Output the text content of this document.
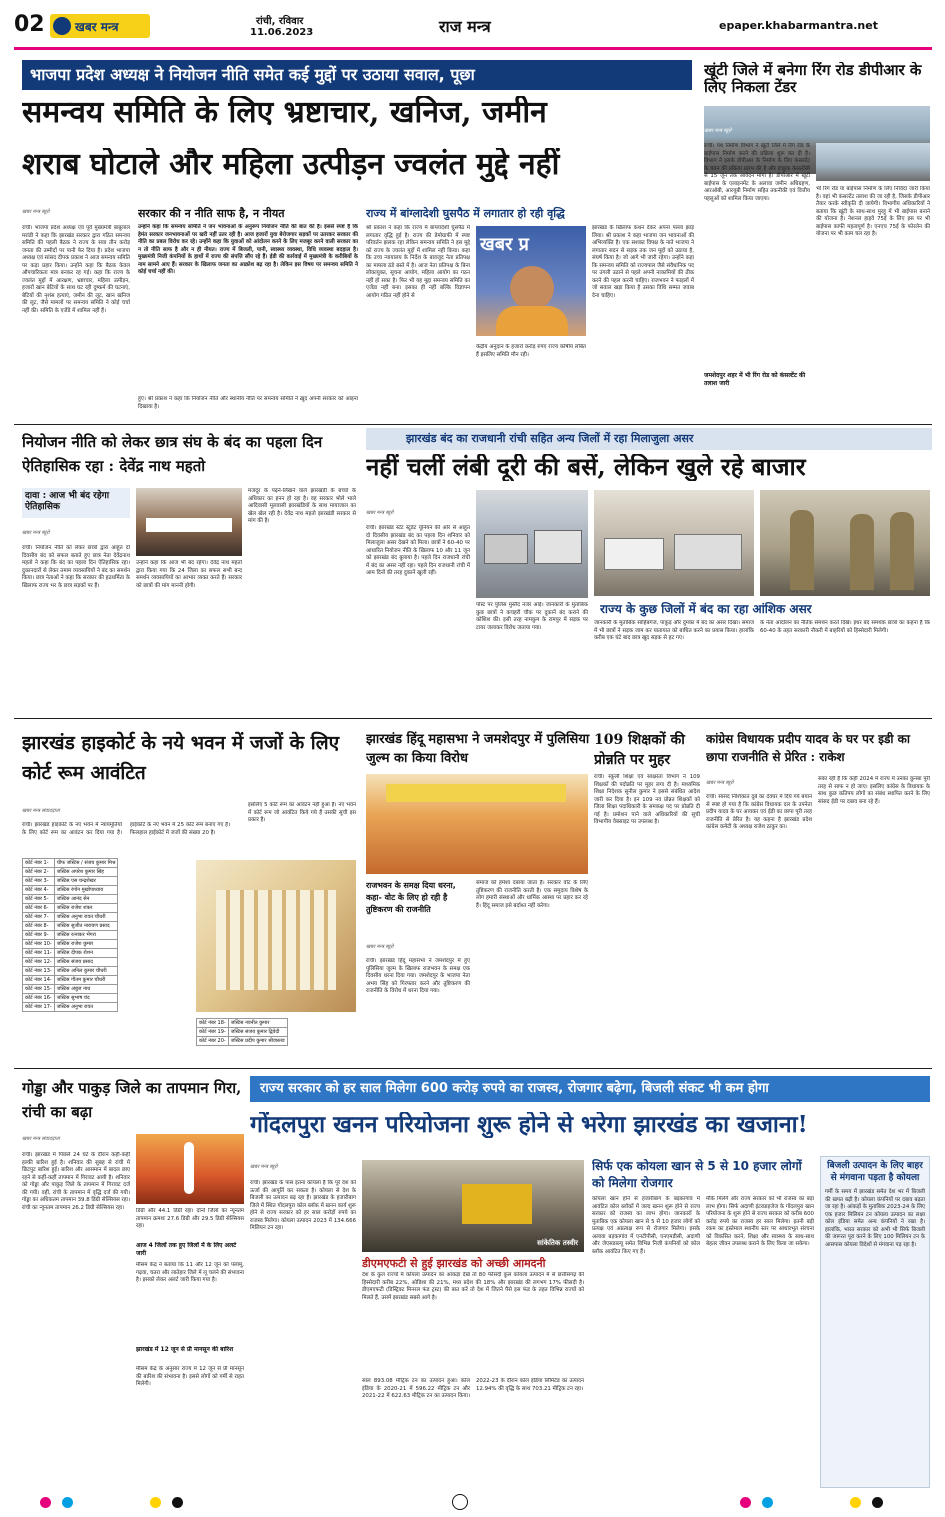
02	खबर मन्त्र	रांची, रविवार
11.06.2023	राज मन्त्र	epaper.khabarmantra.net
भाजपा प्रदेश अध्यक्ष ने नियोजन नीति समेत कई मुद्दों पर उठाया सवाल, पूछा
समन्वय समिति के लिए भ्रष्टाचार, खनिज, जमीन
शराब घोटाले और महिला उत्पीड़न ज्वलंत मुद्दे नहीं
खबर मन्त्र ब्यूरो
रांची। भाजपा प्रदेश अध्यक्ष एवं पूर्व मुख्यमंत्री बाबूलाल मरांडी ने कहा कि झारखंड सरकार द्वारा गठित समन्वय समिति की पहली बैठक ने राज्य के सवा तीन करोड़ जनता की उम्मीदों पर पानी फेर दिया है। प्रदेश भाजपा अध्यक्ष एवं सांसद दीपक प्रकाश ने आज समन्वय समिति पर कड़ा प्रहार किया। उन्होंने कहा कि बैठक केवल औपचारिकता मात्र बनकर रह गई। कहा कि राज्य के ज्वलंत मुद्दों में आरक्षण, भ्रष्टाचार, महिला उत्पीड़न, हजारों खान बेटियों के साथ घट रही दुष्कर्म की घटनाएं, बेटियों की नृशंस हत्याएं, जमीन की लूट, खान खनिज की लूट, जैसे मामलों पर समन्वय समिति ने कोई चर्चा नहीं की। समिति के एजेंडे में शामिल नहीं हैं।
सरकार की न नीति साफ है, न नीयत
उन्होंने कहा कि समन्वय समिति ने जन भावनाओं के अनुरूप नियोजन नीति की बात की है। इससे स्पष्ट है कि हेमंत सरकार जनभावनाओं पर खरी नहीं उतर रही है। आज हजारों युवा बेरोजगार सड़कों पर उतरकर सरकार की नीति का प्रबल विरोध कर रहे। उन्होंने कहा कि युवाओं को आंदोलन करने के लिए मजबूर करने वाली सरकार का न तो नीति साफ है और न ही नीयत। राज्य में बिजली, पानी, स्वास्थ्य व्यवस्था, विधि व्यवस्था बदहाल है। मुख्यमंत्री निजी कंपनियों के हाथों में राज्य की संपत्ति सौंप रहे हैं। ईडी की कार्रवाई में मुख्यमंत्री के करीबियों के नाम सामने आए हैं। सरकार के खिलाफ जनता का आक्रोश बढ़ रहा है। लेकिन इस विषय पर समन्वय समिति ने कोई चर्चा नहीं की।
हुए। श्री प्रकाश ने कहा कि नियोजन नीति और स्थानीय नीति पर समन्वय समिति ने ख़ुद अपनी सरकार को आइना दिखाया है।
राज्य में बांग्लादेशी घुसपैठ में लगातार हो रही वृद्धि
श्री प्रकाश ने कहा कि राज्य में बांग्लादेशी घुसपैठ में लगातार वृद्धि हुई है। राज्य की डेमोग्राफी में स्पष्ट परिवर्तन झलक रहा लेकिन समन्वय समिति ने इस मुद्दे को राज्य के ज्वलंत मुद्दों में शामिल नहीं किया। कहा कि उच्च न्यायालय के निर्देश के बावजूद नेता प्रतिपक्ष का मामला ठंडे बस्ते में है। आज नेता प्रतिपक्ष के बिना लोकायुक्त, सूचना आयोग, महिला आयोग का गठन नहीं हो सका है। फिर भी यह मुद्दा समन्वय समिति का एजेंडा नहीं बना। इसका ही नहीं बल्कि विज्ञापन आयोग गठित नहीं होने से
खबर प्र
केंद्रीय अनुदान के हजारों करोड़ रुपए राज्य कोषीय लंबित हैं इसलिए समिति मौन रही।
झारखंड के खिलाफ कथन देकर अपना पल्ला झाड़ लिया। श्री प्रकाश ने कहा भाजपा जन भावनाओं की अभिव्यक्ति है। एक सशक्त विपक्ष के नाते भाजपा ने लगातार सदन से सड़क तक जन मुद्दों को उठाया है, संघर्ष किया है। जो आगे भी जारी रहेगा। उन्होंने कहा कि समन्वय समिति को राज्यपाल जैसे संवैधानिक पद पर उंगली उठाने से पहले अपनी नाकामियों की ठीक करने की पहल करनी चाहिए। राजभवन ने फाइलों में जो सवाल खड़ा किया है उसका विधि सम्मत जवाब देना चाहिए।
खूंटी जिले में बनेगा रिंग रोड डीपीआर के लिए निकला टेंडर
खबर मन्त्र ब्यूरो
रांची। पथ निर्माण विभाग ने खूंटी जिले में रिंग रोड के बाईपास निर्माण करने की प्रक्रिया शुरू कर दी है। विभाग ने इसके डीपीआर के निर्माण के लिए कंसल्टेंट के चयन की प्रक्रिया प्रारंभ की है और इच्छुक कंसल्टेंसी से 15 जून तक आवेदन मांगा है। डीपीआर में खूंटी बाईपास के एलाइनमेंट के अलावा जमीन अधिग्रहण, आरओबी, आरयूबी निर्माण सहित तकनीकी एवं वित्तीय पहलुओं को शामिल किया जाएगा।
जमशेदपुर शहर में भी रिंग रोड को कंसल्टेंट की तलाश जारी
भी रिंग रोड या बाईपास निर्माण के लिए निविदा जारी किया है। वहां भी कंसल्टेंट तलाश की जा रही है, जिसके डीपीआर तैयार करके स्वीकृति दी जायेगी। विभागीय अधिकारियों ने बताया कि खूंटी के साथ-साथ मुरहू में भी बाईपास बनाने की योजना है। नेशनल हाइवे 75ई के लिए इस पर भी बाईपास काफी महत्वपूर्ण है। एनएच 75ई के फोरलेन की योजना पर भी काम चल रहा है।
नियोजन नीति को लेकर छात्र संघ के बंद का पहला दिन ऐतिहासिक रहा : देवेंद्र नाथ महतो
दावा : आज भी बंद रहेगा ऐतिहासिक
खबर मन्त्र ब्यूरो
रांची। नियोजन नीति को लेकर छात्रों द्वारा आहूत दो दिवसीय बंद को सफल बताते हुए छात्र नेता देवेंद्रनाथ महतो ने कहा कि बंद का पहला दिन ऐतिहासिक रहा। दुकानदारों से लेकर तमाम व्यवसायियों ने बंद का समर्थन किया। छात्र नेताओं ने कहा कि सरकार की हठधर्मिता के खिलाफ राज्य भर के छात्र सड़कों पर हैं।
उन्होंने कहा कि आज भी बंद रहेगा। देवेंद्र नाथ महतो द्वारा किया गया कि 24 जिला का सफल सभी बन्द समर्थन व्यवसायियों का आभार व्यक्त करते हैं। सरकार को छात्रों की मांग माननी होगी।
मजदूर के पढ़ने-लिखने वाले झारखंडी के बच्चों के अधिकार का हनन हो रहा है। वह सरकार भोले भाले आदिवासी मूलवासी झारखंडियों के साथ मायाजाल का खेल खेल रही है। देवेंद्र नाथ महतो झारखंडी सरकार से मांग की है।
झारखंड बंद का राजधानी रांची सहित अन्य जिलों में रहा मिलाजुला असर
नहीं चलीं लंबी दूरी की बसें, लेकिन खुले रहे बाजार
खबर मन्त्र ब्यूरो
रांची। झारखंड स्टेट स्टूडेंट यूनियन की ओर से आहूत दो दिवसीय झारखंड बंद का पहला दिन शनिवार को मिलाजुला असर देखने को मिला। छात्रों ने 60-40 पर आधारित नियोजन नीति के खिलाफ 10 और 11 जून को झारखंड बंद बुलाया है। पहले दिन राजधानी रांची में बंद का असर नहीं रहा। पहले दिन राजधानी रांची में आम दिनों की तरह दुकानें खुली रहीं।
पोस्ट पर पुलिस मुस्तैद नजर आई। जानकारी के मुताबिक कुछ छात्रों ने कचहरी चौक पर दुकानें बंद कराने की कोशिश की। इसी तरह नामकुम के रामपुर में सड़क पर टायर जलाकर विरोध जताया गया।
राज्य के कुछ जिलों में बंद का रहा आंशिक असर
जानकारी के मुताबिक साहिबगंज, पाकुड़ और दुमका में बंद का असर दिखा। समाज में भी छात्रों ने सड़क जाम कर यातायात को बाधित करने का प्रयास किया। हालांकि करीब एक घंटे बाद छात्र खुद सड़क से हट गए।
के नेता आंदोलन का नैतिक समर्थन करते दिखे। इधर बंद समर्थक छात्रों का कहना है कि 60-40 के तहत सरकारी नौकरी में बाहरियों को हिस्सेदारी मिलेगी।
झारखंड हाइकोर्ट के नये भवन में जजों के लिए कोर्ट रूम आवंटित
खबर मन्त्र संवाददाता
रांची। झारखंड हाइकोर्ट के नए भवन में न्यायमूर्तियों के लिए कोर्ट रूम का आवंटन कर दिया गया है। हाईकोर्ट के नए भवन में 25 कोर्ट रूम बनाए गए हैं। फिलहाल हाईकोर्ट में जजों की संख्या 20 है।
इसलिए 5 कोर्ट रूम का आवंटन नहीं हुआ है। नए भवन में कोर्ट रूम जो आवंटित किये गये हैं उसकी सूची इस प्रकार है।
कोर्ट नंबर 1-	चीफ जस्टिस / संजय कुमार मिश्र
कोर्ट नंबर 2-	जस्टिस अपरेश कुमार सिंह
कोर्ट नंबर 3-	जस्टिस एस चन्द्रशेखर
कोर्ट नंबर 4-	जस्टिस रंगोन मुखोपाध्याय
कोर्ट नंबर 5-	जस्टिस आनंद सेन
कोर्ट नंबर 6-	जस्टिस राजेश शंकर
कोर्ट नंबर 7-	जस्टिस अनुभा रावत चौधरी
कोर्ट नंबर 8-	जस्टिस सुजीत नारायण प्रसाद
कोर्ट नंबर 9-	जस्टिस रत्नाकर भेंगरा
कोर्ट नंबर 10-	जस्टिस राजेश कुमार
कोर्ट नंबर 11-	जस्टिस दीपक रोशन
कोर्ट नंबर 12-	जस्टिस संजय प्रसाद
कोर्ट नंबर 13-	जस्टिस अनिल कुमार चौधरी
कोर्ट नंबर 14-	जस्टिस गौतम कुमार चौधरी
कोर्ट नंबर 15-	जस्टिस अंबुज नाथ
कोर्ट नंबर 16-	जस्टिस सुभाष चंद
कोर्ट नंबर 17-	जस्टिस अनुभा रावत
कोर्ट नंबर 18-	जस्टिस नवनीत कुमार
कोर्ट नंबर 19-	जस्टिस संजय कुमार द्विवेदी
कोर्ट नंबर 20-	जस्टिस प्रदीप कुमार श्रीवास्तव
झारखंड हिंदू महासभा ने जमशेदपुर में पुलिसिया जुल्म का किया विरोध
राजभवन के समक्ष दिया धरना, कहा- वोट के लिए हो रही है तुष्टिकरण की राजनीति
खबर मन्त्र ब्यूरो
रांची। झारखंड हिंदू महासभा ने जमशेदपुर में हुए पुलिसिया जुल्म के खिलाफ राजभवन के समक्ष एक दिवसीय धरना दिया गया। जमशेदपुर के भाजपा नेता अभय सिंह को गिरफ्तार करने और तुष्टिकरण की राजनीति के विरोध में धरना दिया गया।
समाज को हमेशा दबाया जाता है। सरकार वोट के लिए तुष्टिकरण की राजनीति करती है। एक समुदाय विशेष के लोग हमारी संस्थाओं और धार्मिक आस्था पर प्रहार कर रहे हैं। हिंदू समाज इसे बर्दाश्त नहीं करेगा।
109 शिक्षकों की प्रोन्नति पर मुहर
रांची। स्कूली शिक्षा एवं साक्षरता विभाग ने 109 शिक्षकों की पदोन्नति पर मुहर लगा दी है। माध्यमिक शिक्षा निदेशक सुनील कुमार ने इससे संबंधित आदेश जारी कर दिया है। इन 109 नव प्रोन्नत शिक्षकों को जिला शिक्षा पदाधिकारी के समकक्ष पद पर प्रोन्नति दी गई है। प्रमोशन पाने वाले अधिकारियों की सूची विभागीय वेबसाइट पर उपलब्ध है।
कांग्रेस विधायक प्रदीप यादव के घर पर इडी का छापा राजनीति से प्रेरित : राकेश
खबर मन्त्र ब्यूरो
रांची। सांसद निशिकांत दुबे का देवघर में दिये गये बयान से स्पष्ट हो गया है कि कांग्रेस विधायक दल के उपनेता प्रदीप यादव के घर आयकर एवं ईडी का छापा पूरी तरह राजनीति से प्रेरित है। यह कहना है झारखंड प्रदेश कांग्रेस कमेटी के अध्यक्ष राजेश ठाकुर का।
सका रही है कि कहीं 2024 में राज्य में उनका कुनबा पूरी तरह से साफ न हो जाए। इसलिए कांग्रेस के विधायक के साथ कुछ कतिपय लोगों का संबंध स्थापित करने के लिए सांसद ईडी पर दबाव बना रहे हैं।
गोड्डा और पाकुड़ जिले का तापमान गिरा, रांची का बढ़ा
खबर मन्त्र संवाददाता
रांची। झारखंड में पिछले 24 घंटे के दौरान कहीं-कहीं हल्की बारिश हुई है। शनिवार की सुबह से रांची में छिटपुट बारिश हुई। बारिश और आसमान में बादल छाए रहने से कहीं-कहीं तापमान में गिरावट आयी है। शनिवार को गोड्डा और पाकुड़ जिले के तापमान में गिरावट दर्ज की गयी। वहीं, रांची के तापमान में वृद्धि दर्ज की गयी। गोड्डा का अधिकतम तापमान 39.8 डिग्री सेल्सियस रहा। रांची का न्यूनतम तापमान 26.2 डिग्री सेल्सियस रहा।
डिग्री और 44.1 डिग्री रहा। दोनों जिलों का न्यूनतम तापमान क्रमशः 27.6 डिग्री और 29.5 डिग्री सेल्सियस रहा।
आज 4 जिलों तक हुए जिलों में के लिए अलर्ट जारी
मौसम केंद्र ने बताया कि 11 और 12 जून को पलामू, गढ़वा, चतरा और लातेहार जिले में लू चलने की संभावना है। इसको लेकर अलर्ट जारी किया गया है।
झारखंड में 12 जून से प्री मानसून की बारिश
मौसम केंद्र के अनुसार राज्य में 12 जून से प्री मानसून की बारिश की संभावना है। इससे लोगों को गर्मी से राहत मिलेगी।
राज्य सरकार को हर साल मिलेगा 600 करोड़ रुपये का राजस्व, रोजगार बढ़ेगा, बिजली संकट भी कम होगा
गोंदलपुरा खनन परियोजना शुरू होने से भरेगा झारखंड का खजाना!
खबर मन्त्र ब्यूरो
रांची। झारखंड के पास इतना कोयला है कि पूरे देश को ऊर्जा की आपूर्ति कर सकता है। कोयला से देश के बिजली का उत्पादन बढ़ रहा है। झारखंड के हजारीबाग जिले में स्थित गोंदलपुरा कोल ब्लॉक में खनन कार्य शुरू होने से राज्य सरकार को हर साल करोड़ों रुपये का राजस्व मिलेगा। कोयला उत्पादन 2023 में 134.666 मिलियन टन रहा।
सांकेतिक तस्वीर
डीएमएफटी से हुई झारखंड को अच्छी आमदनी
देश के कुल राज्यों में कोयला उत्पादन का आंकड़ा देखें तो 80 फीसदी कुल कोयला उत्पादन में से छत्तीसगढ़ की हिस्सेदारी करीब 22%, ओडिशा की 21%, मध्य प्रदेश की 18% और झारखंड की लगभग 17% फीसदी है। डीएमएफटी (डिस्ट्रिक्ट मिनरल फंड ट्रस्ट) की बात करें तो देश में जितने पैसे इस फंड के तहत विभिन्न राज्यों को मिलते हैं, उसमें झारखंड सबसे आगे है।
साल 893.08 मीट्रिक टन का उत्पादन हुआ। कोल इंडिया के 2020-21 में 596.22 मीट्रिक टन और 2021-22 में 622.63 मीट्रिक टन का उत्पादन किया। 2022-23 के दौरान कोल इंडिया लिमिटेड का उत्पादन 12.94% की वृद्धि के साथ 703.21 मीट्रिक टन रहा।
सिर्फ एक कोयला खान से 5 से 10 हजार लोगों को मिलेगा रोजगार
कोयला खान होने से हजारीबाग के बड़कागांव में आवंटित कोल ब्लॉकों में जल्द खनन शुरू होने से राज्य सरकार को राजस्व का लाभ होगा। जानकारों के मुताबिक एक कोयला खान से 5 से 10 हजार लोगों को प्रत्यक्ष एवं अप्रत्यक्ष रूप से रोजगार मिलेगा। इसके अलावा बड़कागांव में एनटीपीसी, एनएमडीसी, अदाणी और जेएसडब्ल्यू समेत विभिन्न निजी कंपनियों को कोल ब्लॉक आवंटित किए गए हैं।
मौके मिलेंगे और राज्य सरकार को भी राजस्व का बड़ा लाभ होगा। सिर्फ अदाणी इंटरप्राइजेज के गोंदलपुरा खान परियोजना के शुरू होने से राज्य सरकार को करीब 600 करोड़ रुपये का राजस्व हर साल मिलेगा। इतनी बड़ी रकम का इस्तेमाल स्थानीय स्तर पर आधारभूत संरचना को विकसित करने, शिक्षा और स्वास्थ्य के साथ-साथ बेहतर जीवन उपलब्ध कराने के लिए किया जा सकेगा।
बिजली उत्पादन के लिए बाहर से मंगवाना पड़ता है कोयला
गर्मी के समय में झारखंड समेत देश भर में बिजली की खपत बढ़ी है। कोयला कंपनियों पर दबाव बढ़ता जा रहा है। आंकड़ों के मुताबिक 2023-24 के लिए एक हजार मिलियन टन कोयला उत्पादन का लक्ष्य कोल इंडिया समेत अन्य कंपनियों ने रखा है। हालांकि, भारत सरकार को अभी भी सिर्फ बिजली की जरूरत पूरा करने के लिए 100 मिलियन टन के आसपास कोयला विदेशों से मंगवाना पड़ रहा है।
